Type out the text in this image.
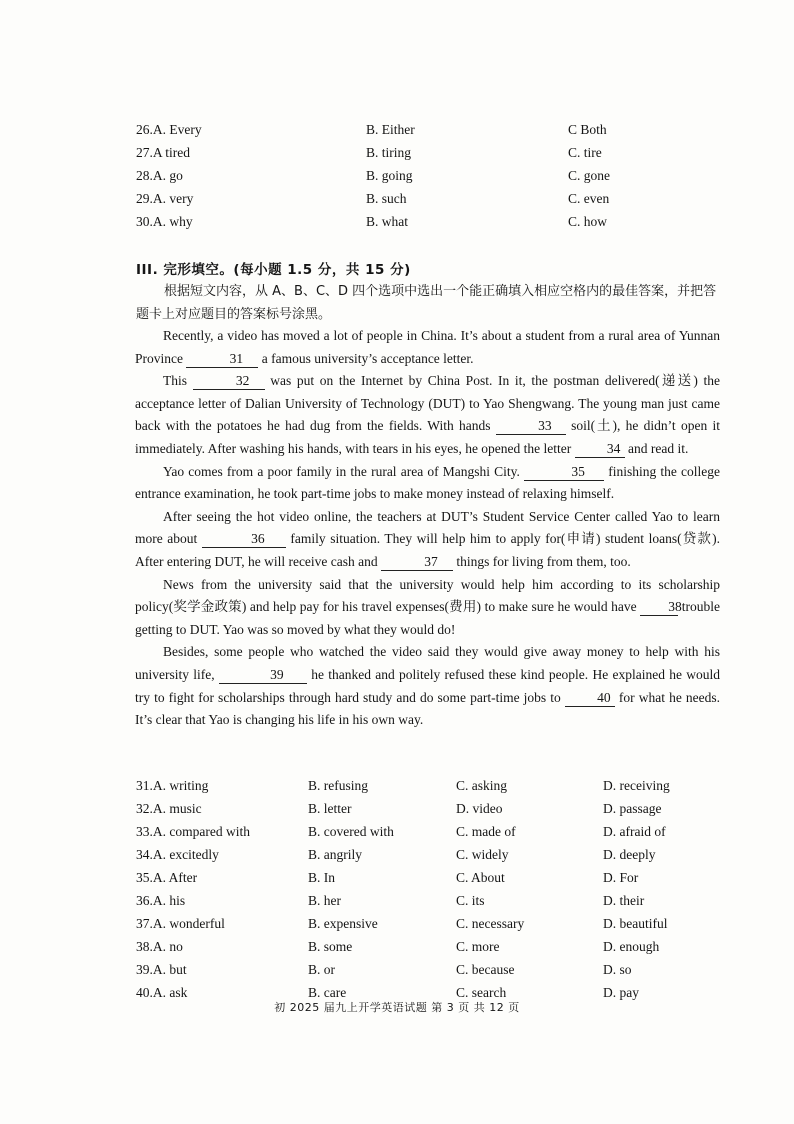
26.A. Every	B. Either	C Both
27.A tired	B. tiring	C. tire
28.A. go	B. going	C. gone
29.A. very	B. such	C. even
30.A. why	B. what	C. how
III. 完形填空。(每小题 1.5 分，共 15 分)
根据短文内容，从 A、B、C、D 四个选项中选出一个能正确填入相应空格内的最佳答案，并把答题卡上对应题目的答案标号涂黑。

Recently, a video has moved a lot of people in China. It’s about a student from a rural area of Yunnan Province	31 a famous university’s acceptance letter.

This	32 was put on the Internet by China Post. In it, the postman delivered(递送) the acceptance letter of Dalian University of Technology (DUT) to Yao Shengwang. The young man just came back with the potatoes he had dug from the fields. With hands	33 soil(土), he didn’t open it immediately. After washing his hands, with tears in his eyes, he opened the letter 34 and read it.

Yao comes from a poor family in the rural area of Mangshi City.	35 finishing the college entrance examination, he took part-time jobs to make money instead of relaxing himself.

After seeing the hot video online, the teachers at DUT’s Student Service Center called Yao to learn more about	36 family situation. They will help him to apply for(申请) student loans(贷款). After entering DUT, he will receive cash and	37 things for living from them, too.

News from the university said that the university would help him according to its scholarship policy(奖学金政策) and help pay for his travel expenses(费用) to make sure he would have 38 trouble getting to DUT. Yao was so moved by what they would do!

Besides, some people who watched the video said they would give away money to help with his university life,	39 he thanked and politely refused these kind people. He explained he would try to fight for scholarships through hard study and do some part-time jobs to 40 for what he needs. It’s clear that Yao is changing his life in his own way.

31.A. writing	B. refusing	C. asking	D. receiving
32.A. music	B. letter	D. video	D. passage
33.A. compared with	B. covered with	C. made of	D. afraid of
34.A. excitedly	B. angrily	C. widely	D. deeply
35.A. After	B. In	C. About	D. For
36.A. his	B. her	C. its	D. their
37.A. wonderful	B. expensive	C. necessary	D. beautiful
38.A. no	B. some	C. more	D. enough
39.A. but	B. or	C. because	D. so
40.A. ask	B. care	C. search	D. pay
初 2025 届九上开学英语试题 第 3 页 共 12 页
